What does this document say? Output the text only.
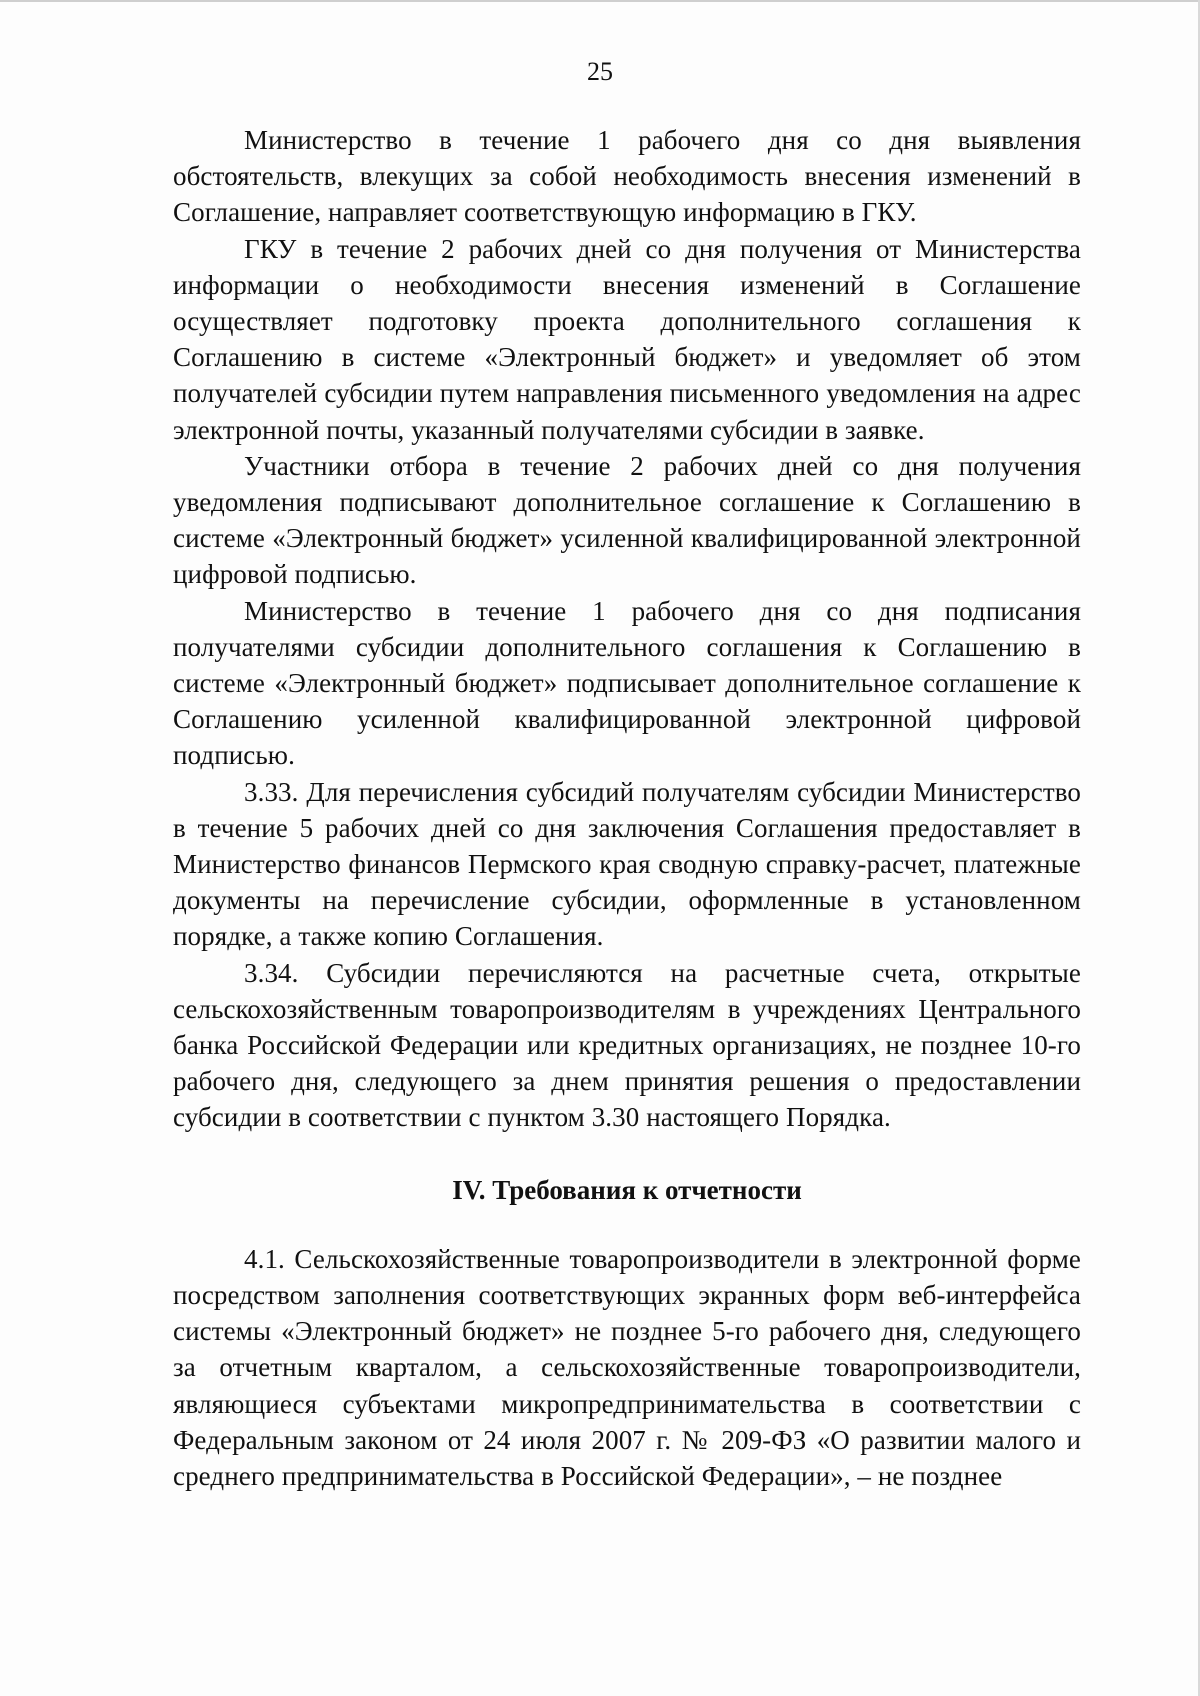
25

Министерство в течение 1 рабочего дня со дня выявления обстоятельств, влекущих за собой необходимость внесения изменений в Соглашение, направляет соответствующую информацию в ГКУ.

ГКУ в течение 2 рабочих дней со дня получения от Министерства информации о необходимости внесения изменений в Соглашение осуществляет подготовку проекта дополнительного соглашения к Соглашению в системе «Электронный бюджет» и уведомляет об этом получателей субсидии путем направления письменного уведомления на адрес электронной почты, указанный получателями субсидии в заявке.

Участники отбора в течение 2 рабочих дней со дня получения уведомления подписывают дополнительное соглашение к Соглашению в системе «Электронный бюджет» усиленной квалифицированной электронной цифровой подписью.

Министерство в течение 1 рабочего дня со дня подписания получателями субсидии дополнительного соглашения к Соглашению в системе «Электронный бюджет» подписывает дополнительное соглашение к Соглашению усиленной квалифицированной электронной цифровой подписью.

3.33. Для перечисления субсидий получателям субсидии Министерство в течение 5 рабочих дней со дня заключения Соглашения предоставляет в Министерство финансов Пермского края сводную справку-расчет, платежные документы на перечисление субсидии, оформленные в установленном порядке, а также копию Соглашения.

3.34. Субсидии перечисляются на расчетные счета, открытые сельскохозяйственным товаропроизводителям в учреждениях Центрального банка Российской Федерации или кредитных организациях, не позднее 10-го рабочего дня, следующего за днем принятия решения о предоставлении субсидии в соответствии с пунктом 3.30 настоящего Порядка.

IV. Требования к отчетности

4.1. Сельскохозяйственные товаропроизводители в электронной форме посредством заполнения соответствующих экранных форм веб-интерфейса системы «Электронный бюджет» не позднее 5-го рабочего дня, следующего за отчетным кварталом, а сельскохозяйственные товаропроизводители, являющиеся субъектами микропредпринимательства в соответствии с Федеральным законом от 24 июля 2007 г. № 209-ФЗ «О развитии малого и среднего предпринимательства в Российской Федерации», – не позднее
